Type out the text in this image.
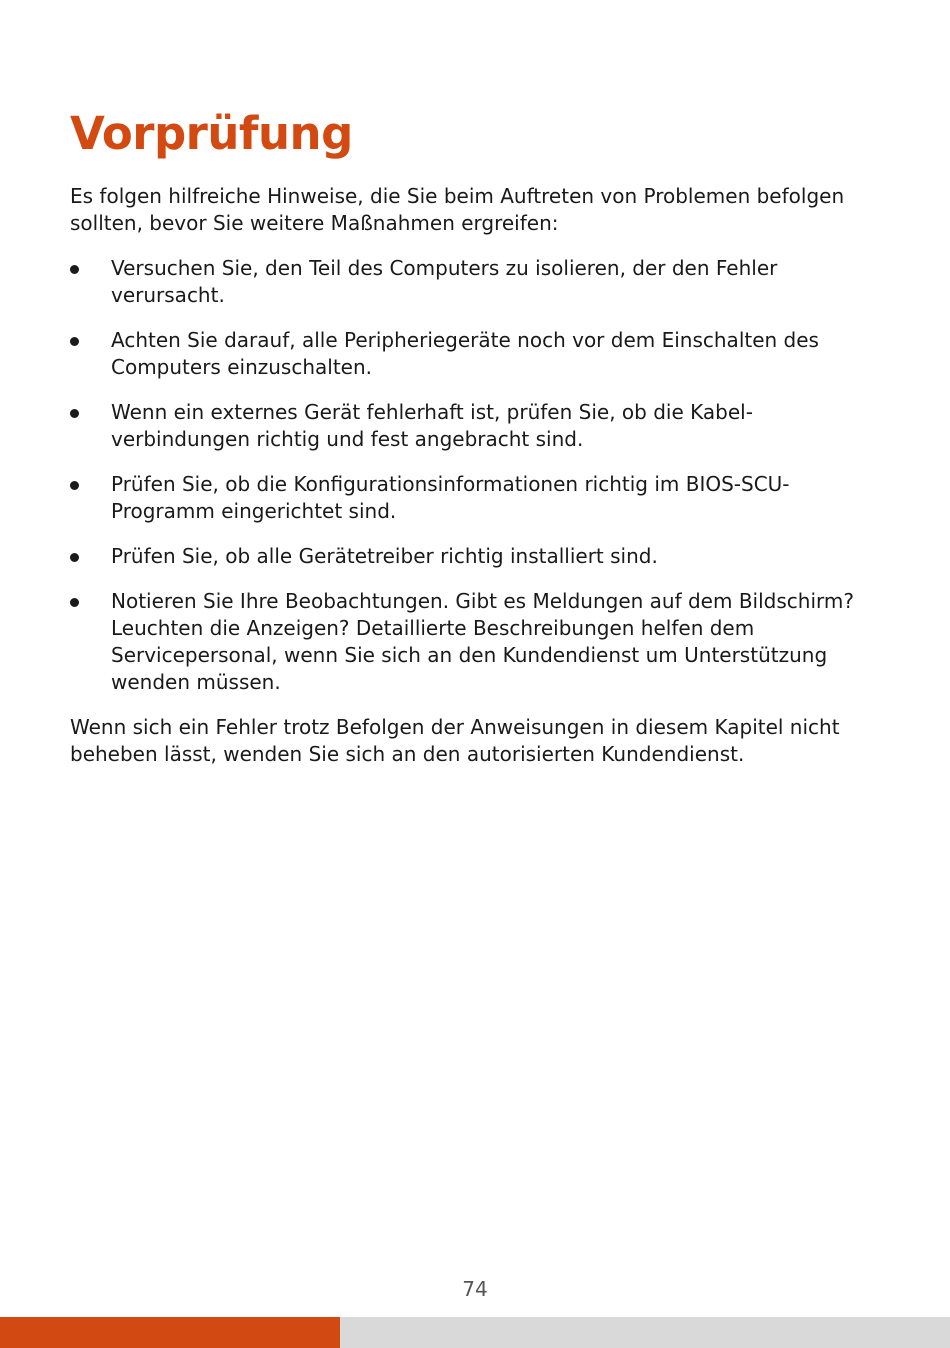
Vorprüfung

Es folgen hilfreiche Hinweise, die Sie beim Auftreten von Problemen befolgen sollten, bevor Sie weitere Maßnahmen ergreifen:

Versuchen Sie, den Teil des Computers zu isolieren, der den Fehler verursacht.
Achten Sie darauf, alle Peripheriegeräte noch vor dem Einschalten des Computers einzuschalten.
Wenn ein externes Gerät fehlerhaft ist, prüfen Sie, ob die Kabel-verbindungen richtig und fest angebracht sind.
Prüfen Sie, ob die Konfigurationsinformationen richtig im BIOS-SCU-Programm eingerichtet sind.
Prüfen Sie, ob alle Gerätetreiber richtig installiert sind.
Notieren Sie Ihre Beobachtungen. Gibt es Meldungen auf dem Bildschirm? Leuchten die Anzeigen? Detaillierte Beschreibungen helfen dem Servicepersonal, wenn Sie sich an den Kundendienst um Unterstützung wenden müssen.

Wenn sich ein Fehler trotz Befolgen der Anweisungen in diesem Kapitel nicht beheben lässt, wenden Sie sich an den autorisierten Kundendienst.

74
